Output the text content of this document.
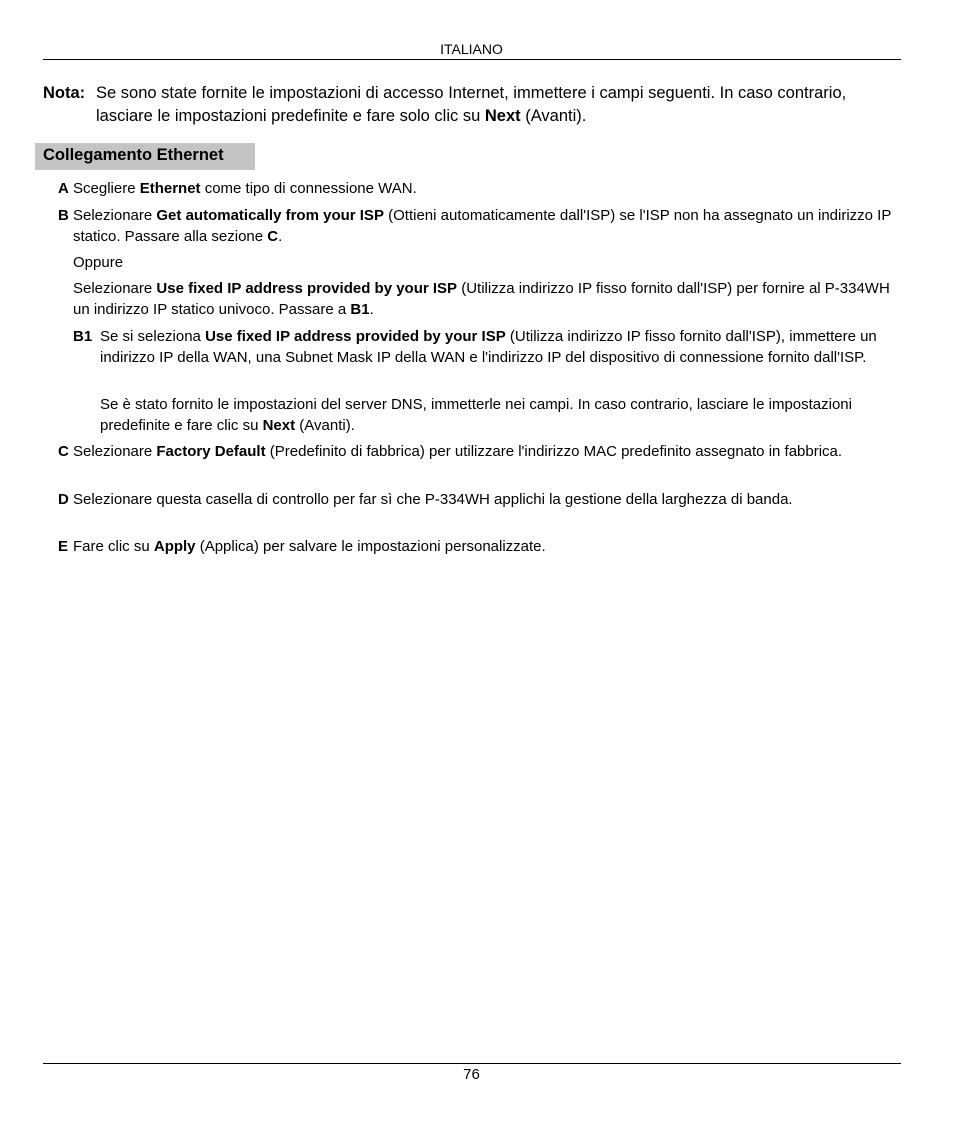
ITALIANO
Nota: Se sono state fornite le impostazioni di accesso Internet, immettere i campi seguenti. In caso contrario, lasciare le impostazioni predefinite e fare solo clic su Next (Avanti).
Collegamento Ethernet
A Scegliere Ethernet come tipo di connessione WAN.
B Selezionare Get automatically from your ISP (Ottieni automaticamente dall'ISP) se l'ISP non ha assegnato un indirizzo IP statico. Passare alla sezione C.
Oppure
Selezionare Use fixed IP address provided by your ISP (Utilizza indirizzo IP fisso fornito dall'ISP) per fornire al P-334WH un indirizzo IP statico univoco. Passare a B1.
B1 Se si seleziona Use fixed IP address provided by your ISP (Utilizza indirizzo IP fisso fornito dall'ISP), immettere un indirizzo IP della WAN, una Subnet Mask IP della WAN e l'indirizzo IP del dispositivo di connessione fornito dall'ISP.
Se è stato fornito le impostazioni del server DNS, immetterle nei campi. In caso contrario, lasciare le impostazioni predefinite e fare clic su Next (Avanti).
C Selezionare Factory Default (Predefinito di fabbrica) per utilizzare l'indirizzo MAC predefinito assegnato in fabbrica.
D Selezionare questa casella di controllo per far sì che P-334WH applichi la gestione della larghezza di banda.
E Fare clic su Apply (Applica) per salvare le impostazioni personalizzate.
76
